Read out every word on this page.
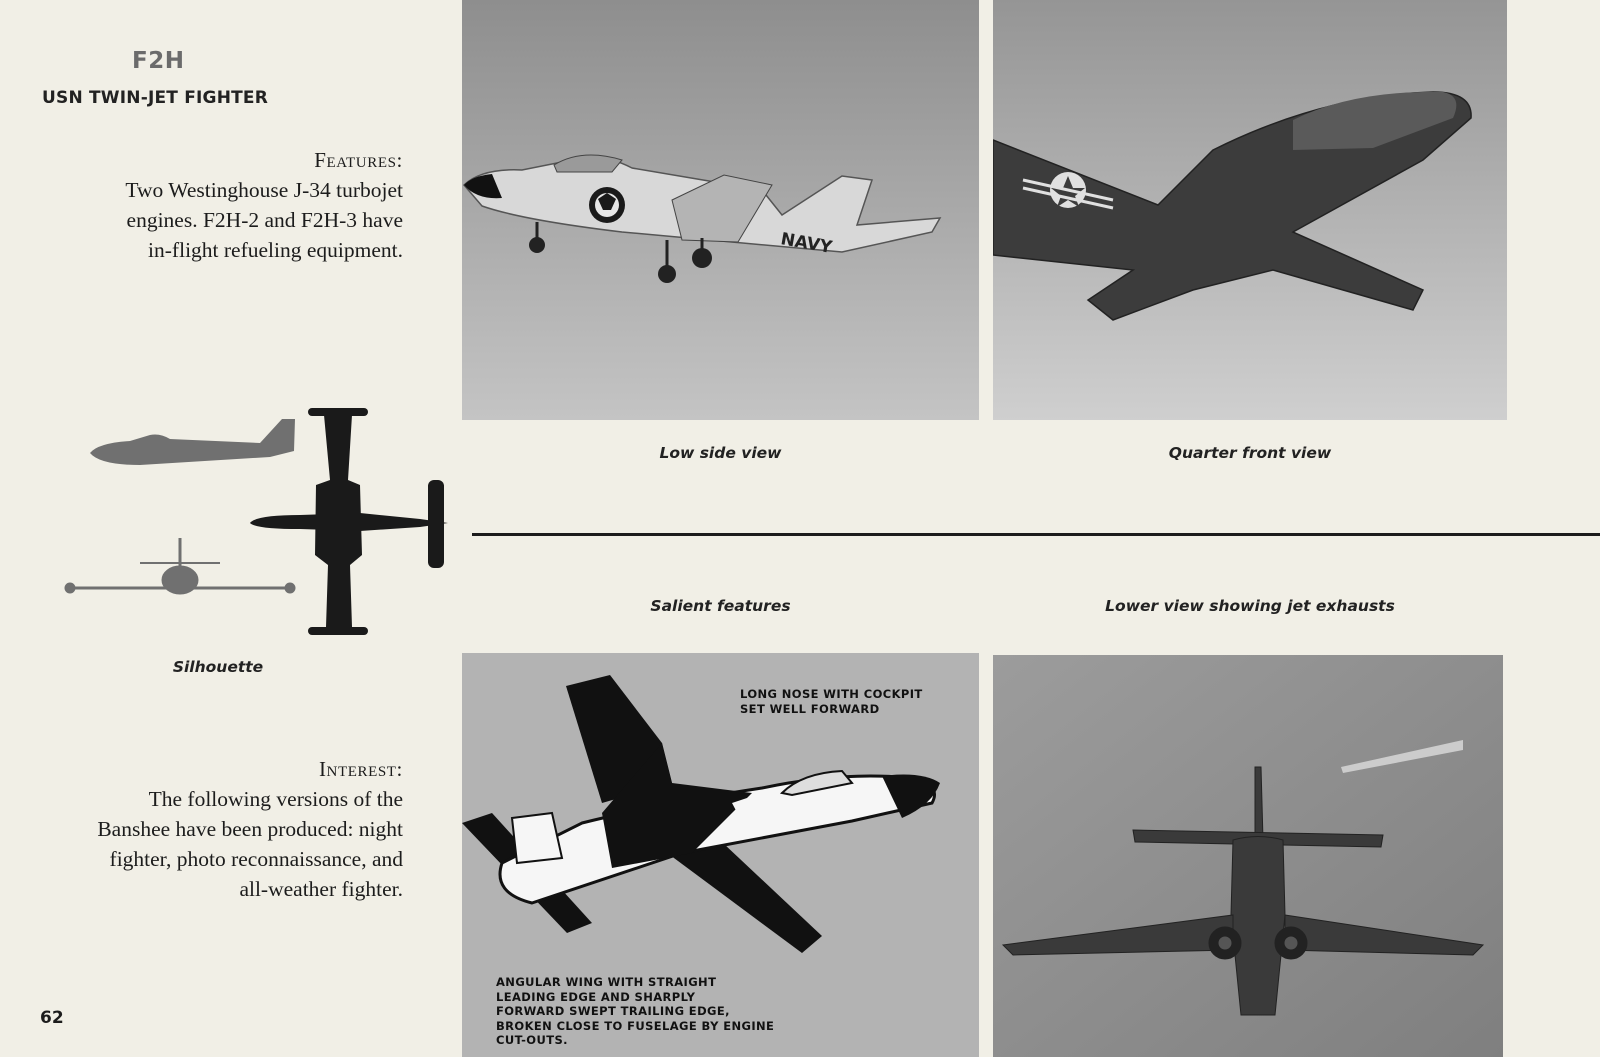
F2H
USN TWIN-JET FIGHTER
Features:
Two Westinghouse J-34 turbojet engines. F2H-2 and F2H-3 have in-flight refueling equipment.
Interest:
The following versions of the Banshee have been produced: night fighter, photo reconnaissance, and all-weather fighter.
62
Silhouette
NAVY
Low side view	Quarter front view
Salient features	Lower view showing jet exhausts
LONG NOSE WITH COCKPIT
SET WELL FORWARD
ANGULAR WING WITH STRAIGHT
LEADING EDGE AND SHARPLY
FORWARD SWEPT TRAILING EDGE,
BROKEN CLOSE TO FUSELAGE BY ENGINE
CUT-OUTS.
